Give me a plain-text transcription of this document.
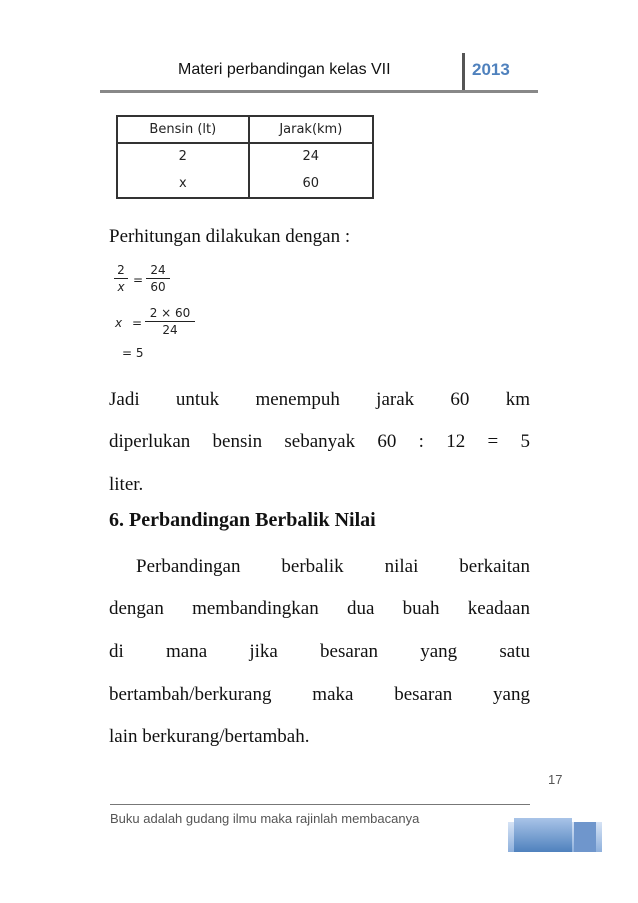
Materi perbandingan kelas VII	2013
Bensin (lt)	Jarak(km)
2	24
x	60
Perhitungan dilakukan dengan :
2
x =
24
60
x =
2 × 60
24
= 5
Jadi untuk menempuh jarak 60 km
diperlukan bensin sebanyak 60 : 12 = 5
liter.
6. Perbandingan Berbalik Nilai
Perbandingan berbalik nilai berkaitan
dengan membandingkan dua buah keadaan
di mana jika besaran yang satu
bertambah/berkurang maka besaran yang
lain berkurang/bertambah.
17
Buku adalah gudang ilmu maka rajinlah membacanya
